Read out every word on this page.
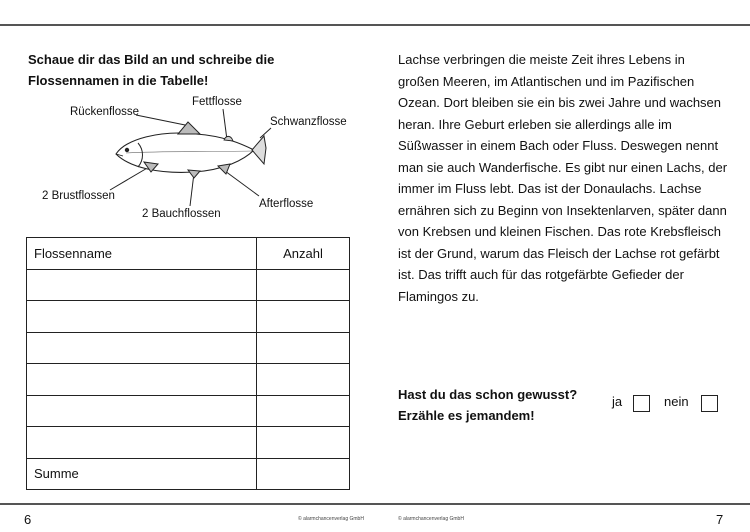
Schaue dir das Bild an und schreibe die Flossennamen in die Tabelle!
Rückenflosse
Fettflosse
Schwanzflosse
2 Brustflossen
2 Bauchflossen
Afterflosse
Flossenname	Anzahl

Summe	

Lachse verbringen die meiste Zeit ihres Lebens in großen Meeren, im Atlantischen und im Pazifischen Ozean. Dort bleiben sie ein bis zwei Jahre und wachsen heran. Ihre Geburt erleben sie allerdings alle im Süßwasser in einem Bach oder Fluss. Deswegen nennt man sie auch Wanderfische. Es gibt nur einen Lachs, der immer im Fluss lebt. Das ist der Donaulachs. Lachse ernähren sich zu Beginn von Insektenlarven, später dann von Krebsen und kleinen Fischen. Das rote Krebsfleisch ist der Grund, warum das Fleisch der Lachse rot gefärbt ist. Das trifft auch für das rotgefärbte Gefieder der Flamingos zu.

Hast du das schon gewusst?
Erzähle es jemandem!
ja	nein
6	© alarmchancenverlag GmbH	© alarmchancenverlag GmbH	7
